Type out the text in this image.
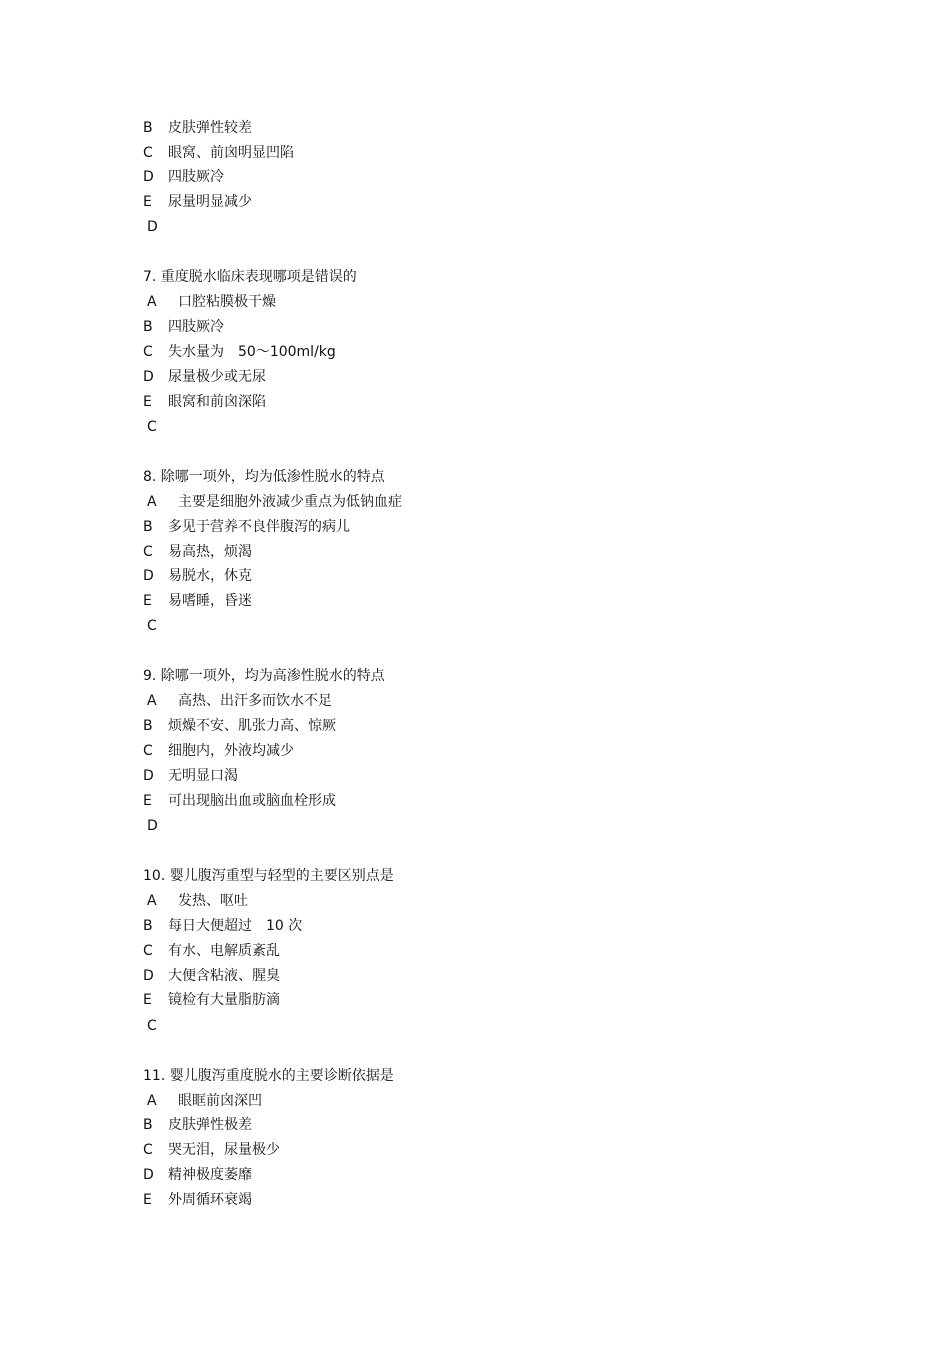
B 皮肤弹性较差
C 眼窝、前囟明显凹陷
D 四肢厥冷
E 尿量明显减少
D
7. 重度脱水临床表现哪项是错误的
A 口腔粘膜极干燥
B 四肢厥冷
C 失水量为　50～100ml/kg
D 尿量极少或无尿
E 眼窝和前囟深陷
C
8. 除哪一项外，均为低渗性脱水的特点
A 主要是细胞外液减少重点为低钠血症
B 多见于营养不良伴腹泻的病儿
C 易高热，烦渴
D 易脱水，休克
E 易嗜睡，昏迷
C
9. 除哪一项外，均为高渗性脱水的特点
A 高热、出汗多而饮水不足
B 烦燥不安、肌张力高、惊厥
C 细胞内，外液均减少
D 无明显口渴
E 可出现脑出血或脑血栓形成
D
10. 婴儿腹泻重型与轻型的主要区别点是
A 发热、呕吐
B 每日大便超过　10 次
C 有水、电解质紊乱
D 大便含粘液、腥臭
E 镜检有大量脂肪滴
C
11. 婴儿腹泻重度脱水的主要诊断依据是
A 眼眶前囟深凹
B 皮肤弹性极差
C 哭无泪，尿量极少
D 精神极度萎靡
E 外周循环衰竭
